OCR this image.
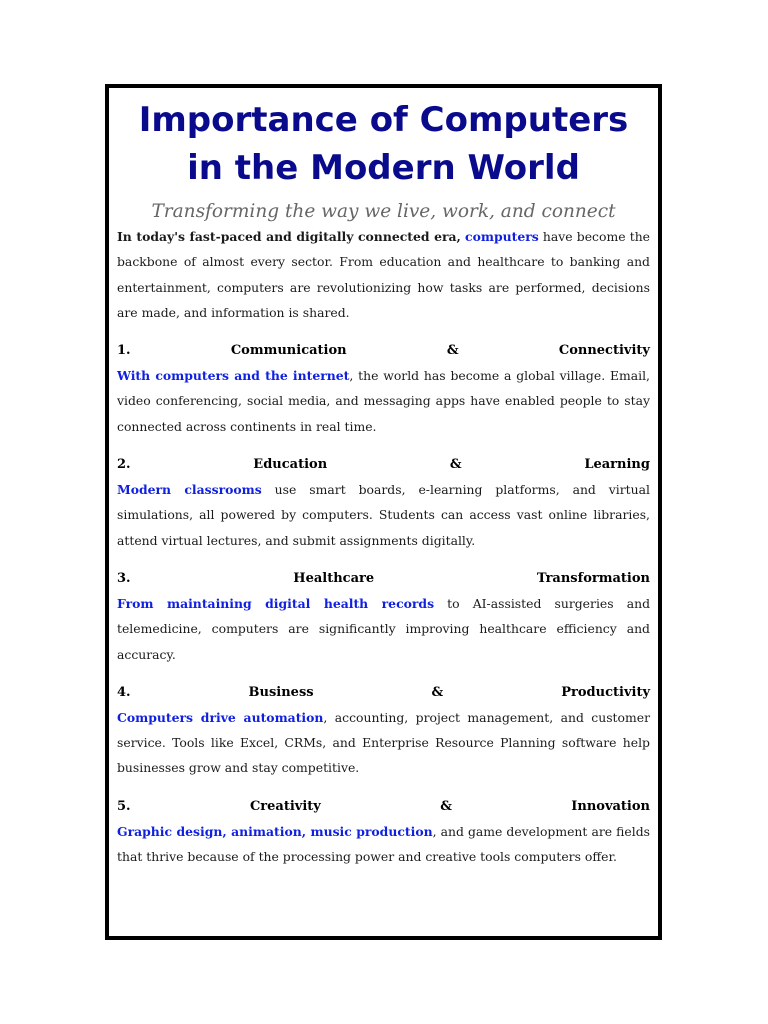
Importance of Computers in the Modern World
Transforming the way we live, work, and connect

In today's fast-paced and digitally connected era, computers have become the backbone of almost every sector. From education and healthcare to banking and entertainment, computers are revolutionizing how tasks are performed, decisions are made, and information is shared.

1.	Communication	&	Connectivity

With computers and the internet, the world has become a global village. Email, video conferencing, social media, and messaging apps have enabled people to stay connected across continents in real time.

2.	Education	&	Learning

Modern classrooms use smart boards, e-learning platforms, and virtual simulations, all powered by computers. Students can access vast online libraries, attend virtual lectures, and submit assignments digitally.

3.	Healthcare	Transformation

From maintaining digital health records to AI-assisted surgeries and telemedicine, computers are significantly improving healthcare efficiency and accuracy.

4.	Business	&	Productivity

Computers drive automation, accounting, project management, and customer service. Tools like Excel, CRMs, and Enterprise Resource Planning software help businesses grow and stay competitive.

5.	Creativity	&	Innovation

Graphic design, animation, music production, and game development are fields that thrive because of the processing power and creative tools computers offer.
